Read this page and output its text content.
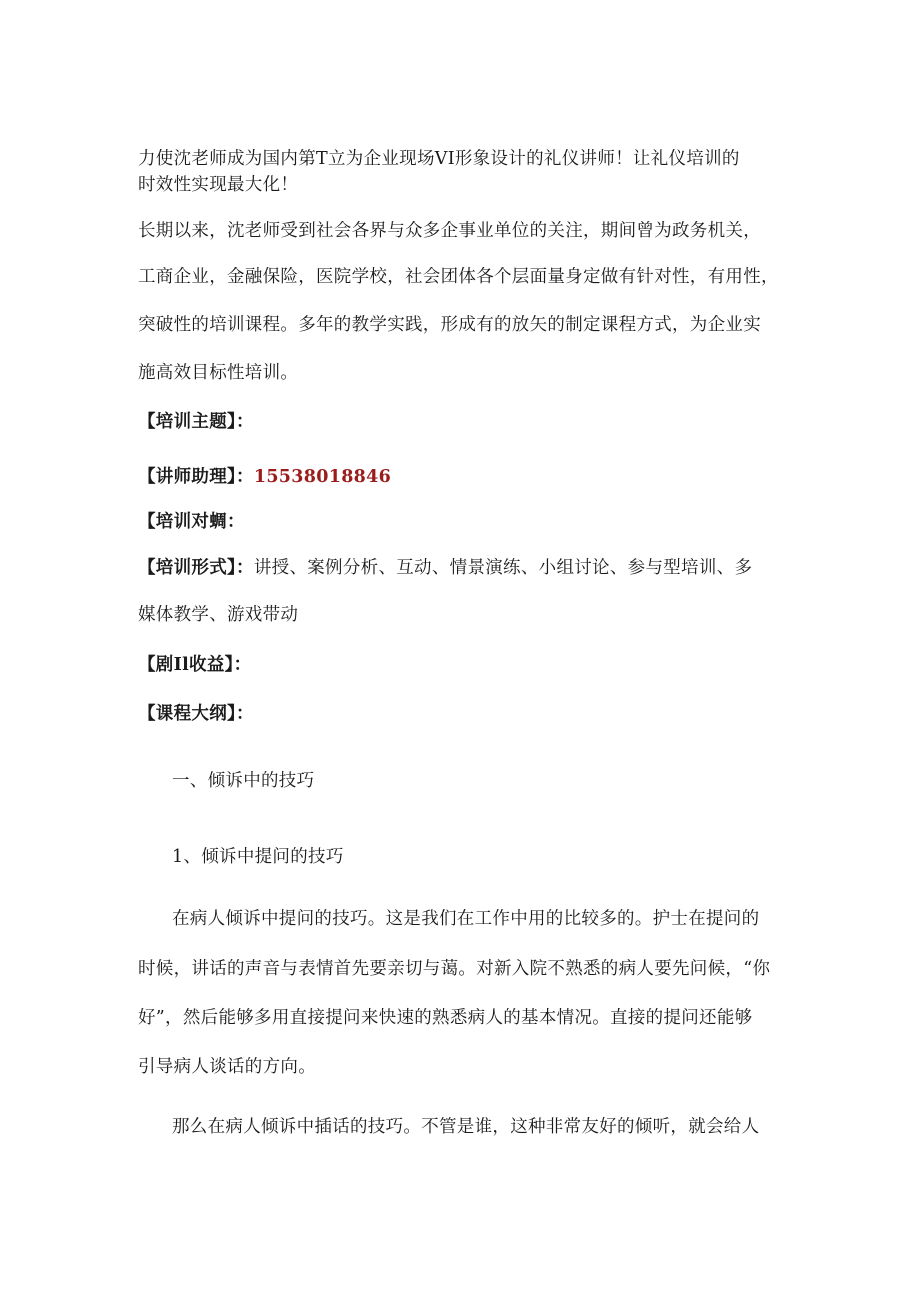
力使沈老师成为国内第T立为企业现场VI形象设计的礼仪讲师！让礼仪培训的
时效性实现最大化！
长期以来，沈老师受到社会各界与众多企事业单位的关注，期间曾为政务机关，
工商企业，金融保险，医院学校，社会团体各个层面量身定做有针对性，有用性，
突破性的培训课程。多年的教学实践，形成有的放矢的制定课程方式，为企业实
施高效目标性培训。
【培训主题】：
【讲师助理】：15538018846
【培训对蜩：
【培训形式】：讲授、案例分析、互动、情景演练、小组讨论、参与型培训、多
媒体教学、游戏带动
【剧Il收益】：
【课程大纲】：
一、倾诉中的技巧
1、倾诉中提问的技巧
在病人倾诉中提问的技巧。这是我们在工作中用的比较多的。护士在提问的
时候，讲话的声音与表情首先要亲切与蔼。对新入院不熟悉的病人要先问候，“你
好”，然后能够多用直接提问来快速的熟悉病人的基本情况。直接的提问还能够
引导病人谈话的方向。
那么在病人倾诉中插话的技巧。不管是谁，这种非常友好的倾听，就会给人
